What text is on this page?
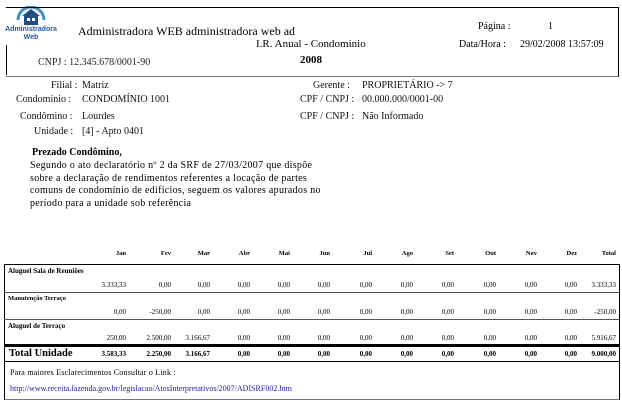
Administradora
Web	Administradora WEB administradora web ad
I.R. Anual - Condominio
2008
CNPJ : 12.345.678/0001-90
Página :	1
Data/Hora : 29/02/2008 13:57:09
Filial : Matriz
Condomínio : CONDOMÍNIO 1001
Condômino : Lourdes
Unidade : [4] - Apto 0401
Gerente : PROPRIETÁRIO -> 7
CPF / CNPJ : 00.000.000/0001-00
CPF / CNPJ : Não Informado
Prezado Condômino,
Segundo o ato declaratório nº 2 da SRF de 27/03/2007 que dispõe sobre a declaração de rendimentos referentes a locação de partes comuns de condomínio de edifícios, seguem os valores apurados no período para a unidade sob referência
Jan	Fev	Mar	Abr	Mai	Jun	Jul	Ago	Set	Out	Nov	Dez	Total
Aluguel Sala de Reuniões
3.333,33	0,00	0,00	0,00	0,00	0,00	0,00	0,00	0,00	0,00	0,00	0,00	3.333,33
Manutenção Terraço
0,00	-250,00	0,00	0,00	0,00	0,00	0,00	0,00	0,00	0,00	0,00	0,00	-250,00
Aluguel de Terraço
250,00	2.500,00	3.166,67	0,00	0,00	0,00	0,00	0,00	0,00	0,00	0,00	0,00	5.916,67
Total Unidade	3.583,33	2.250,00	3.166,67	0,00	0,00	0,00	0,00	0,00	0,00	0,00	0,00	0,00	9.000,00
Para maiores Esclarecimentos Consultar o Link :
http://www.receita.fazenda.gov.br/legislacao/AtosInterpretativos/2007/ADISRF002.htm
